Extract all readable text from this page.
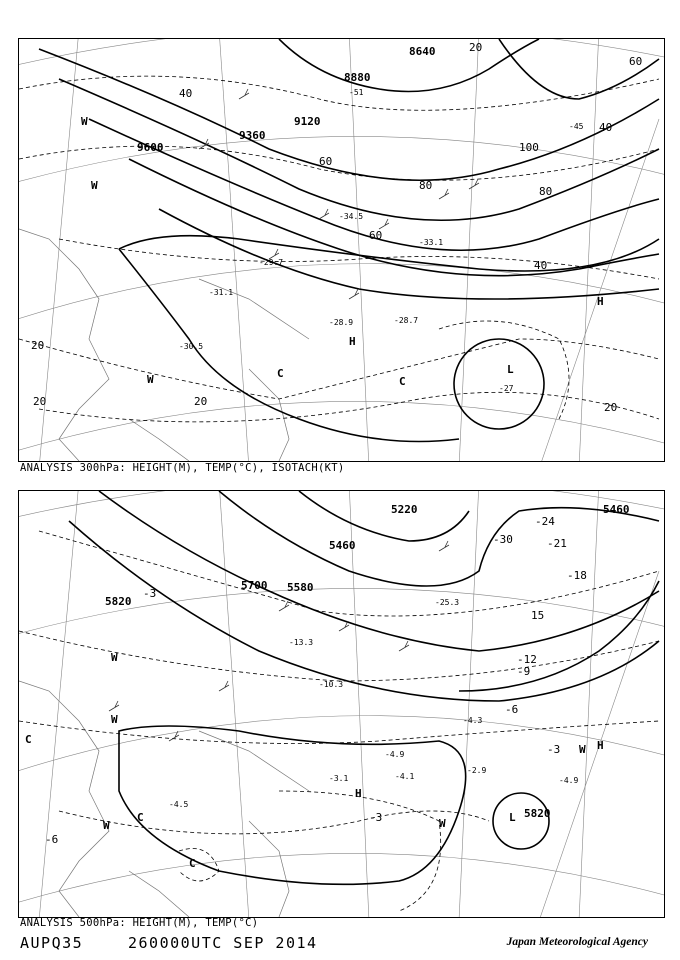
8640
8880
9120
9360
9600
20
40
60
80
100
80
60
40
20
20	20	20
60
40
-28.9
-29.7
-30.5
-31.1
-33.1
-34.5
-28.7
-27
-45
-51
H
H
L
C
C
W
W
W
ANALYSIS 300hPa: HEIGHT(M), TEMP(°C), ISOTACH(KT)
5820
5700 5580
5460
5220	5460
5820
-30
-24
-21
-18
15
-12
-9
-6
-3
-3
-6
-3
-4.9
-4.1
-3.1
-2.9
-4.5
-4.3
-4.9
-10.3
-13.3
-25.3
H
H
L
C
C
C
W
W
W	W
W
ANALYSIS 500hPa: HEIGHT(M), TEMP(°C)
AUPQ35	260000UTC SEP 2014	Japan Meteorological Agency
